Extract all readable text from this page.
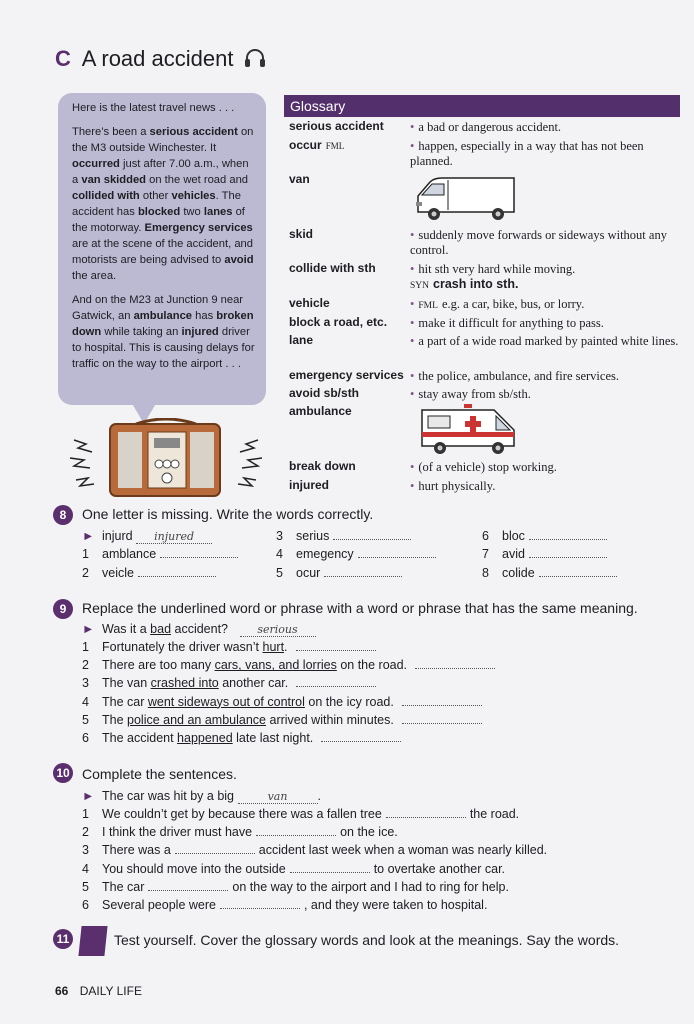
C A road accident

Here is the latest travel news . . .

There’s been a serious accident on the M3 outside Winchester. It occurred just after 7.00 a.m., when a van skidded on the wet road and collided with other vehicles. The accident has blocked two lanes of the motorway. Emergency services are at the scene of the accident, and motorists are being advised to avoid the area.

And on the M23 at Junction 9 near Gatwick, an ambulance has broken down while taking an injured driver to hospital. This is causing delays for traffic on the way to the airport . . .

Glossary
serious accident • a bad or dangerous accident.
occur FML	• happen, especially in a way that has not been planned.
van
skid	• suddenly move forwards or sideways without any control.
collide with sth	• hit sth very hard while moving.
SYN crash into sth.
vehicle	• FML e.g. a car, bike, bus, or lorry.
block a road, etc. • make it difficult for anything to pass.
lane	• a part of a wide road marked by painted white lines.
emergency services • the police, ambulance, and fire services.
avoid sb/sth	• stay away from sb/sth.
ambulance
break down	• (of a vehicle) stop working.
injured	• hurt physically.
8	One letter is missing. Write the words correctly.
► injurd injured
1 amblance
2 veicle
3 serius
4 emegency
5 ocur
6 bloc
7 avid
8 colide
9	Replace the underlined word or phrase with a word or phrase that has the same meaning.
► Was it a bad accident?	serious
1 Fortunately the driver wasn’t hurt.
2 There are too many cars, vans, and lorries on the road.
3 The van crashed into another car.
4 The car went sideways out of control on the icy road.
5 The police and an ambulance arrived within minutes.
6 The accident happened late last night.
10 Complete the sentences.
► The car was hit by a big	van .
1 We couldn’t get by because there was a fallen tree	the road.
2 I think the driver must have	on the ice.
3 There was a	accident last week when a woman was nearly killed.
4 You should move into the outside	to overtake another car.
5 The car	on the way to the airport and I had to ring for help.
6 Several people were	, and they were taken to hospital.
11	Test yourself. Cover the glossary words and look at the meanings. Say the words.
66 DAILY LIFE
